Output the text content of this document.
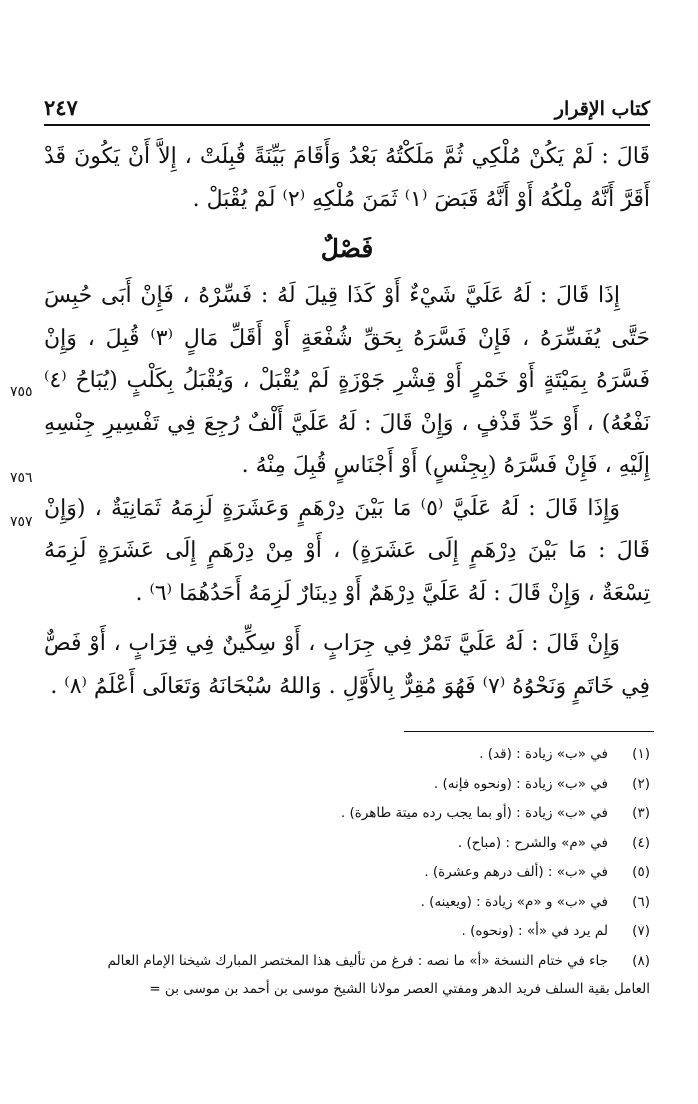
٢٤٧	كتاب الإقرار

قَالَ : لَمْ يَكُنْ مُلْكِي ثُمَّ مَلَكْتُهُ بَعْدُ وَأَقَامَ بَيِّنَةً قُبِلَتْ ، إِلاَّ أَنْ يَكُونَ قَدْ أَقَرَّ أَنَّهُ مِلْكُهُ أَوْ أَنَّهُ قَبَضَ ⁽١⁾ ثَمَنَ مُلْكِهِ ⁽٢⁾ لَمْ يُقْبَلْ .

فَصْلٌ

إِذَا قَالَ : لَهُ عَلَيَّ شَيْءٌ أَوْ كَذَا قِيلَ لَهُ : فَسِّرْهُ ، فَإِنْ أَبَى حُبِسَ حَتَّى يُفَسِّرَهُ ، فَإِنْ فَسَّرَهُ بِحَقِّ شُفْعَةٍ أَوْ أَقَلِّ مَالٍ ⁽٣⁾ قُبِلَ ، وَإِنْ فَسَّرَهُ بِمَيْتَةٍ أَوْ خَمْرٍ أَوْ قِشْرِ جَوْزَةٍ لَمْ يُقْبَلْ ، وَيُقْبَلُ بِكَلْبٍ (يُبَاحُ ⁽٤⁾ نَفْعُهُ) ، أَوْ حَدِّ قَذْفٍ ، وَإِنْ قَالَ : لَهُ عَلَيَّ أَلْفٌ رُجِعَ فِي تَفْسِيرِ جِنْسِهِ إِلَيْهِ ، فَإِنْ فَسَّرَهُ (بِجِنْسٍ) أَوْ أَجْنَاسٍ قُبِلَ مِنْهُ .

وَإِذَا قَالَ : لَهُ عَلَيَّ ⁽٥⁾ مَا بَيْنَ دِرْهَمٍ وَعَشَرَةٍ لَزِمَهُ ثَمَانِيَةٌ ، (وَإِنْ قَالَ : مَا بَيْنَ دِرْهَمٍ إِلَى عَشَرَةٍ) ، أَوْ مِنْ دِرْهَمٍ إِلَى عَشَرَةٍ لَزِمَهُ تِسْعَةٌ ، وَإِنْ قَالَ : لَهُ عَلَيَّ دِرْهَمٌ أَوْ دِينَارٌ لَزِمَهُ أَحَدُهُمَا ⁽٦⁾ .

وَإِنْ قَالَ : لَهُ عَلَيَّ تَمْرٌ فِي جِرَابٍ ، أَوْ سِكِّينٌ فِي قِرَابٍ ، أَوْ فَصٌّ فِي خَاتَمٍ وَنَحْوُهُ ⁽٧⁾ فَهُوَ مُقِرٌّ بِالأَوَّلِ . وَاللهُ سُبْحَانَهُ وَتَعَالَى أَعْلَمُ ⁽٨⁾ .

٧٥٥
٧٥٦
٧٥٧
(١)
في «ب» زيادة : (قد) .
(٢)
في «ب» زيادة : (ونحوه فإنه) .
(٣)
في «ب» زيادة : (أو بما يجب رده ميتة طاهرة) .
(٤)
في «م» والشرح : (مباح) .
(٥)
في «ب» : (ألف درهم وعشرة) .
(٦)
في «ب» و «م» زيادة : (ويعينه) .
(٧)
لم يرد في «أ» : (ونحوه) .
(٨)
جاء في ختام النسخة «أ» ما نصه : فرغ من تأليف هذا المختصر المبارك شيخنا الإمام العالم
العامل بقية السلف فريد الدهر ومفتي العصر مولانا الشيخ موسى بن أحمد بن موسى بن =
